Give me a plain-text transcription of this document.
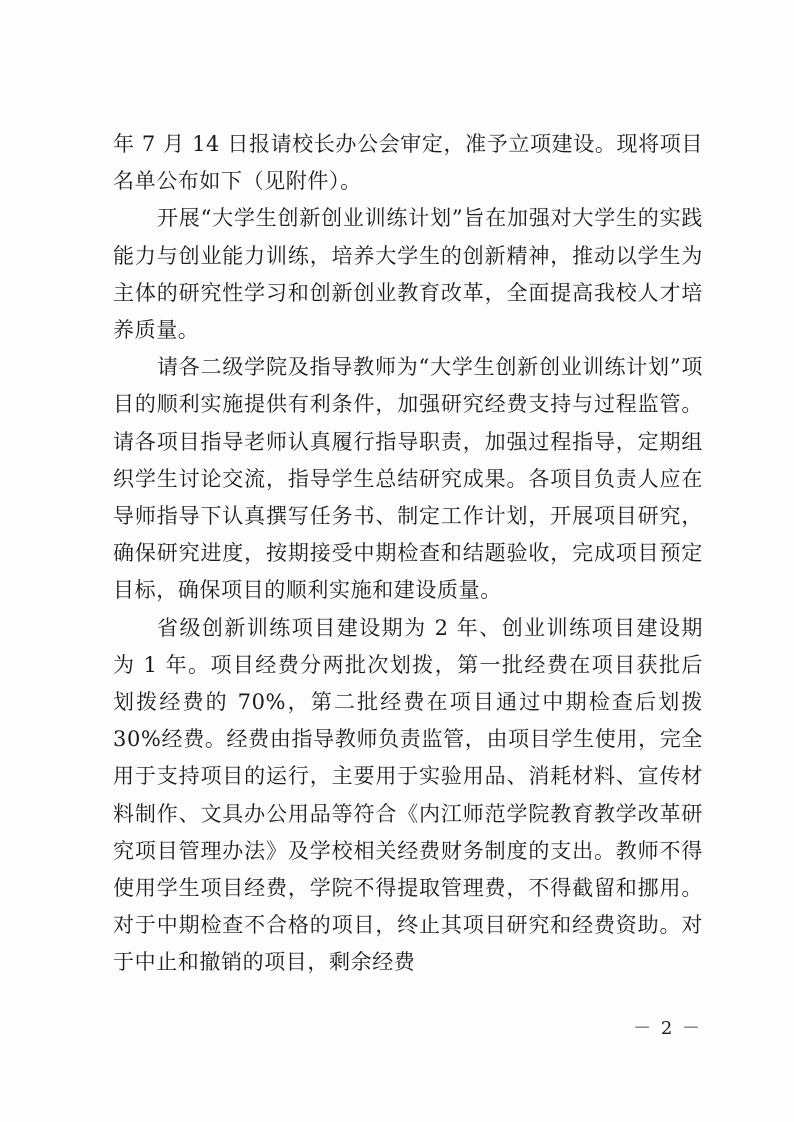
年 7 月 14 日报请校长办公会审定，准予立项建设。现将项目名单公布如下（见附件）。

开展“大学生创新创业训练计划”旨在加强对大学生的实践能力与创业能力训练，培养大学生的创新精神，推动以学生为主体的研究性学习和创新创业教育改革，全面提高我校人才培养质量。

请各二级学院及指导教师为“大学生创新创业训练计划”项目的顺利实施提供有利条件，加强研究经费支持与过程监管。请各项目指导老师认真履行指导职责，加强过程指导，定期组织学生讨论交流，指导学生总结研究成果。各项目负责人应在导师指导下认真撰写任务书、制定工作计划，开展项目研究，确保研究进度，按期接受中期检查和结题验收，完成项目预定目标，确保项目的顺利实施和建设质量。

省级创新训练项目建设期为 2 年、创业训练项目建设期为 1 年。项目经费分两批次划拨，第一批经费在项目获批后划拨经费的 70%，第二批经费在项目通过中期检查后划拨 30%经费。经费由指导教师负责监管，由项目学生使用，完全用于支持项目的运行，主要用于实验用品、消耗材料、宣传材料制作、文具办公用品等符合《内江师范学院教育教学改革研究项目管理办法》及学校相关经费财务制度的支出。教师不得使用学生项目经费，学院不得提取管理费，不得截留和挪用。对于中期检查不合格的项目，终止其项目研究和经费资助。对于中止和撤销的项目，剩余经费

－ 2 －
